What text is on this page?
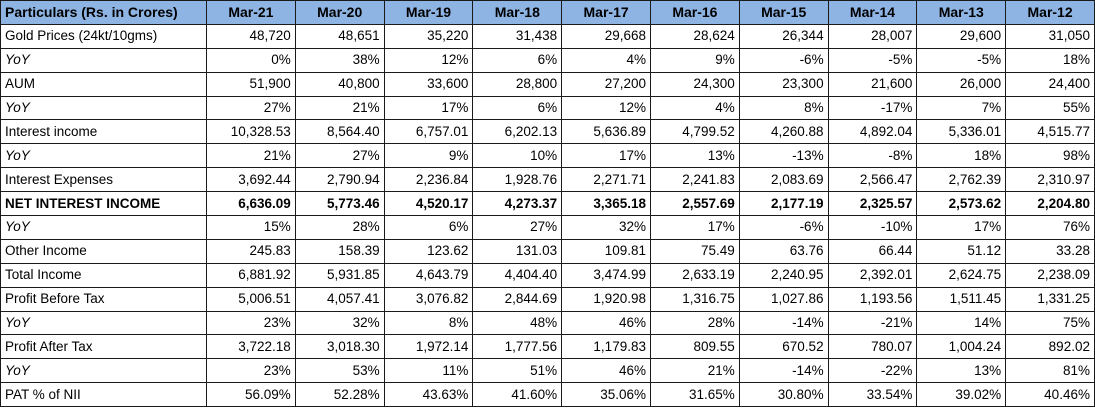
Particulars (Rs. in Crores)	Mar-21	Mar-20	Mar-19	Mar-18	Mar-17	Mar-16	Mar-15	Mar-14	Mar-13	Mar-12
Gold Prices (24kt/10gms)	48,720	48,651	35,220	31,438	29,668	28,624	26,344	28,007	29,600	31,050
YoY	0%	38%	12%	6%	4%	9%	-6%	-5%	-5%	18%
AUM	51,900	40,800	33,600	28,800	27,200	24,300	23,300	21,600	26,000	24,400
YoY	27%	21%	17%	6%	12%	4%	8%	-17%	7%	55%
Interest income	10,328.53	8,564.40	6,757.01	6,202.13	5,636.89	4,799.52	4,260.88	4,892.04	5,336.01	4,515.77
YoY	21%	27%	9%	10%	17%	13%	-13%	-8%	18%	98%
Interest Expenses	3,692.44	2,790.94	2,236.84	1,928.76	2,271.71	2,241.83	2,083.69	2,566.47	2,762.39	2,310.97
NET INTEREST INCOME	6,636.09	5,773.46	4,520.17	4,273.37	3,365.18	2,557.69	2,177.19	2,325.57	2,573.62	2,204.80
YoY	15%	28%	6%	27%	32%	17%	-6%	-10%	17%	76%
Other Income	245.83	158.39	123.62	131.03	109.81	75.49	63.76	66.44	51.12	33.28
Total Income	6,881.92	5,931.85	4,643.79	4,404.40	3,474.99	2,633.19	2,240.95	2,392.01	2,624.75	2,238.09
Profit Before Tax	5,006.51	4,057.41	3,076.82	2,844.69	1,920.98	1,316.75	1,027.86	1,193.56	1,511.45	1,331.25
YoY	23%	32%	8%	48%	46%	28%	-14%	-21%	14%	75%
Profit After Tax	3,722.18	3,018.30	1,972.14	1,777.56	1,179.83	809.55	670.52	780.07	1,004.24	892.02
YoY	23%	53%	11%	51%	46%	21%	-14%	-22%	13%	81%
PAT % of NII	56.09%	52.28%	43.63%	41.60%	35.06%	31.65%	30.80%	33.54%	39.02%	40.46%
